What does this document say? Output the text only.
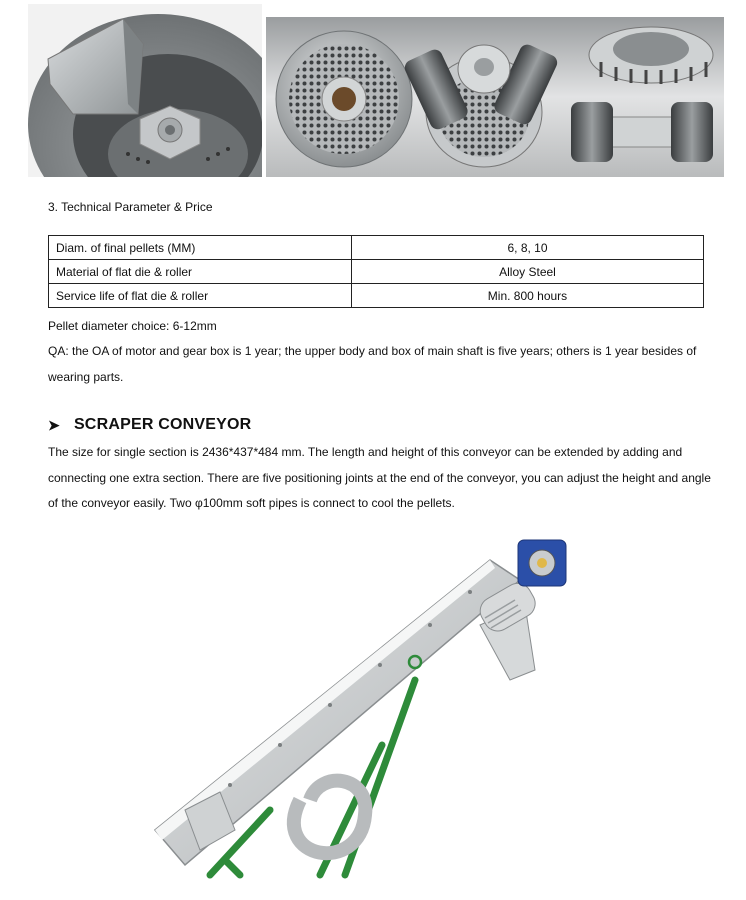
3. Technical Parameter & Price
Diam. of final pellets (MM)	6, 8, 10
Material of flat die & roller	Alloy Steel
Service life of flat die & roller	Min. 800 hours
Pellet diameter choice: 6-12mm
QA: the OA of motor and gear box is 1 year; the upper body and box of main shaft is five years; others is 1 year besides of wearing parts.
➤ SCRAPER CONVEYOR
The size for single section is 2436*437*484 mm. The length and height of this conveyor can be extended by adding and connecting one extra section. There are five positioning joints at the end of the conveyor, you can adjust the height and angle of the conveyor easily. Two φ100mm soft pipes is connect to cool the pellets.
